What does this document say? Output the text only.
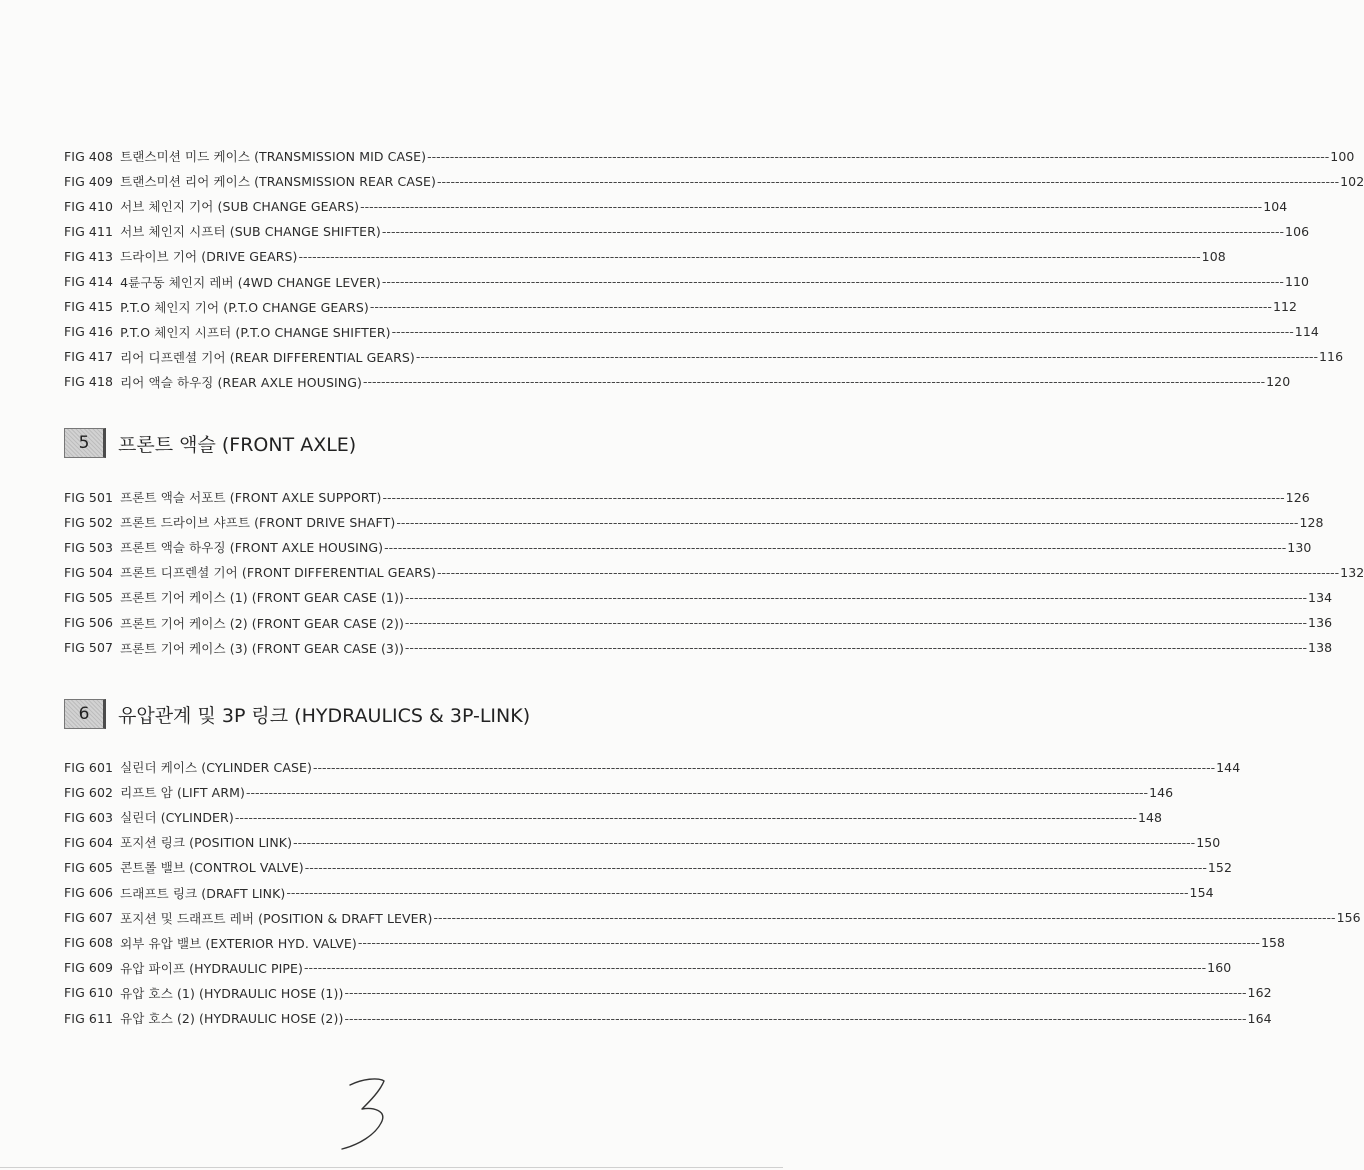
FIG 408 트랜스미션 미드 케이스 (TRANSMISSION MID CASE) -------------------------------------------------------------------------------------------------------------------------------------------------------------------------------------------------------- 100
FIG 409 트랜스미션 리어 케이스 (TRANSMISSION REAR CASE) -------------------------------------------------------------------------------------------------------------------------------------------------------------------------------------------------------- 102
FIG 410 서브 체인지 기어 (SUB CHANGE GEARS) -------------------------------------------------------------------------------------------------------------------------------------------------------------------------------------------------------- 104
FIG 411 서브 체인지 시프터 (SUB CHANGE SHIFTER) -------------------------------------------------------------------------------------------------------------------------------------------------------------------------------------------------------- 106
FIG 413 드라이브 기어 (DRIVE GEARS) -------------------------------------------------------------------------------------------------------------------------------------------------------------------------------------------------------- 108
FIG 414 4륜구동 체인지 레버 (4WD CHANGE LEVER) -------------------------------------------------------------------------------------------------------------------------------------------------------------------------------------------------------- 110
FIG 415 P.T.O 체인지 기어 (P.T.O CHANGE GEARS) -------------------------------------------------------------------------------------------------------------------------------------------------------------------------------------------------------- 112
FIG 416 P.T.O 체인지 시프터 (P.T.O CHANGE SHIFTER) -------------------------------------------------------------------------------------------------------------------------------------------------------------------------------------------------------- 114
FIG 417 리어 디프렌셜 기어 (REAR DIFFERENTIAL GEARS) -------------------------------------------------------------------------------------------------------------------------------------------------------------------------------------------------------- 116
FIG 418 리어 액슬 하우징 (REAR AXLE HOUSING) -------------------------------------------------------------------------------------------------------------------------------------------------------------------------------------------------------- 120
5 프론트 액슬 (FRONT AXLE)
FIG 501 프론트 액슬 서포트 (FRONT AXLE SUPPORT) -------------------------------------------------------------------------------------------------------------------------------------------------------------------------------------------------------- 126
FIG 502 프론트 드라이브 샤프트 (FRONT DRIVE SHAFT) -------------------------------------------------------------------------------------------------------------------------------------------------------------------------------------------------------- 128
FIG 503 프론트 액슬 하우징 (FRONT AXLE HOUSING) -------------------------------------------------------------------------------------------------------------------------------------------------------------------------------------------------------- 130
FIG 504 프론트 디프렌셜 기어 (FRONT DIFFERENTIAL GEARS) -------------------------------------------------------------------------------------------------------------------------------------------------------------------------------------------------------- 132
FIG 505 프론트 기어 케이스 (1) (FRONT GEAR CASE (1)) -------------------------------------------------------------------------------------------------------------------------------------------------------------------------------------------------------- 134
FIG 506 프론트 기어 케이스 (2) (FRONT GEAR CASE (2)) -------------------------------------------------------------------------------------------------------------------------------------------------------------------------------------------------------- 136
FIG 507 프론트 기어 케이스 (3) (FRONT GEAR CASE (3)) -------------------------------------------------------------------------------------------------------------------------------------------------------------------------------------------------------- 138
6 유압관계 및 3P 링크 (HYDRAULICS & 3P-LINK)
FIG 601 실린더 케이스 (CYLINDER CASE) -------------------------------------------------------------------------------------------------------------------------------------------------------------------------------------------------------- 144
FIG 602 리프트 암 (LIFT ARM) -------------------------------------------------------------------------------------------------------------------------------------------------------------------------------------------------------- 146
FIG 603 실린더 (CYLINDER) -------------------------------------------------------------------------------------------------------------------------------------------------------------------------------------------------------- 148
FIG 604 포지션 링크 (POSITION LINK) -------------------------------------------------------------------------------------------------------------------------------------------------------------------------------------------------------- 150
FIG 605 콘트롤 밸브 (CONTROL VALVE) -------------------------------------------------------------------------------------------------------------------------------------------------------------------------------------------------------- 152
FIG 606 드래프트 링크 (DRAFT LINK) -------------------------------------------------------------------------------------------------------------------------------------------------------------------------------------------------------- 154
FIG 607 포지션 및 드래프트 레버 (POSITION & DRAFT LEVER) -------------------------------------------------------------------------------------------------------------------------------------------------------------------------------------------------------- 156
FIG 608 외부 유압 밸브 (EXTERIOR HYD. VALVE) -------------------------------------------------------------------------------------------------------------------------------------------------------------------------------------------------------- 158
FIG 609 유압 파이프 (HYDRAULIC PIPE) -------------------------------------------------------------------------------------------------------------------------------------------------------------------------------------------------------- 160
FIG 610 유압 호스 (1) (HYDRAULIC HOSE (1)) -------------------------------------------------------------------------------------------------------------------------------------------------------------------------------------------------------- 162
FIG 611 유압 호스 (2) (HYDRAULIC HOSE (2)) -------------------------------------------------------------------------------------------------------------------------------------------------------------------------------------------------------- 164
